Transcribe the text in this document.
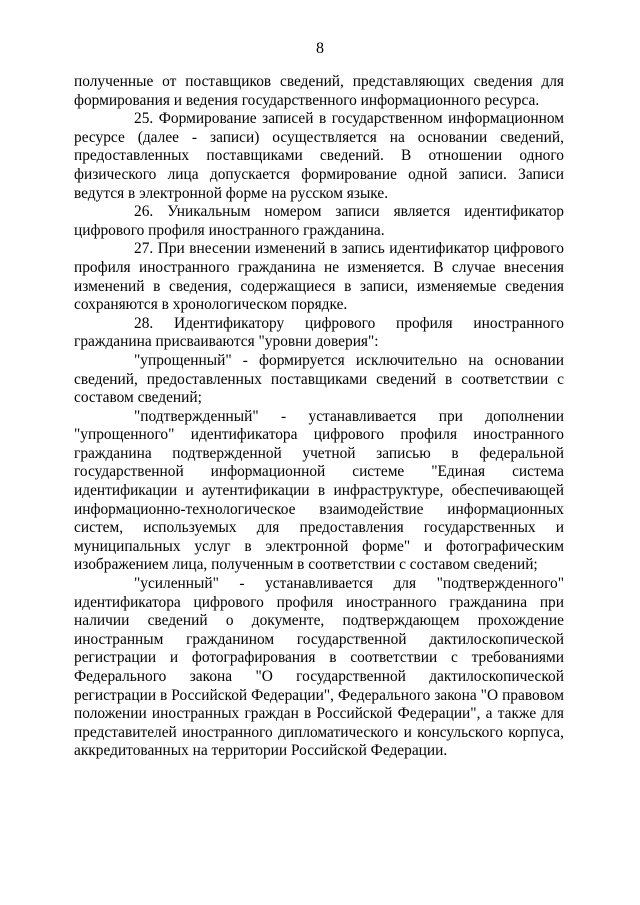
8

полученные от поставщиков сведений, представляющих сведения для формирования и ведения государственного информационного ресурса.

25. Формирование записей в государственном информационном ресурсе (далее - записи) осуществляется на основании сведений, предоставленных поставщиками сведений. В отношении одного физического лица допускается формирование одной записи. Записи ведутся в электронной форме на русском языке.

26. Уникальным номером записи является идентификатор цифрового профиля иностранного гражданина.

27. При внесении изменений в запись идентификатор цифрового профиля иностранного гражданина не изменяется. В случае внесения изменений в сведения, содержащиеся в записи, изменяемые сведения сохраняются в хронологическом порядке.

28. Идентификатору цифрового профиля иностранного гражданина присваиваются "уровни доверия":

"упрощенный" - формируется исключительно на основании сведений, предоставленных поставщиками сведений в соответствии с составом сведений;

"подтвержденный" - устанавливается при дополнении "упрощенного" идентификатора цифрового профиля иностранного гражданина подтвержденной учетной записью в федеральной государственной информационной системе "Единая система идентификации и аутентификации в инфраструктуре, обеспечивающей информационно-технологическое взаимодействие информационных систем, используемых для предоставления государственных и муниципальных услуг в электронной форме" и фотографическим изображением лица, полученным в соответствии с составом сведений;

"усиленный" - устанавливается для "подтвержденного" идентификатора цифрового профиля иностранного гражданина при наличии сведений о документе, подтверждающем прохождение иностранным гражданином государственной дактилоскопической регистрации и фотографирования в соответствии с требованиями Федерального закона "О государственной дактилоскопической регистрации в Российской Федерации", Федерального закона "О правовом положении иностранных граждан в Российской Федерации", а также для представителей иностранного дипломатического и консульского корпуса, аккредитованных на территории Российской Федерации.
